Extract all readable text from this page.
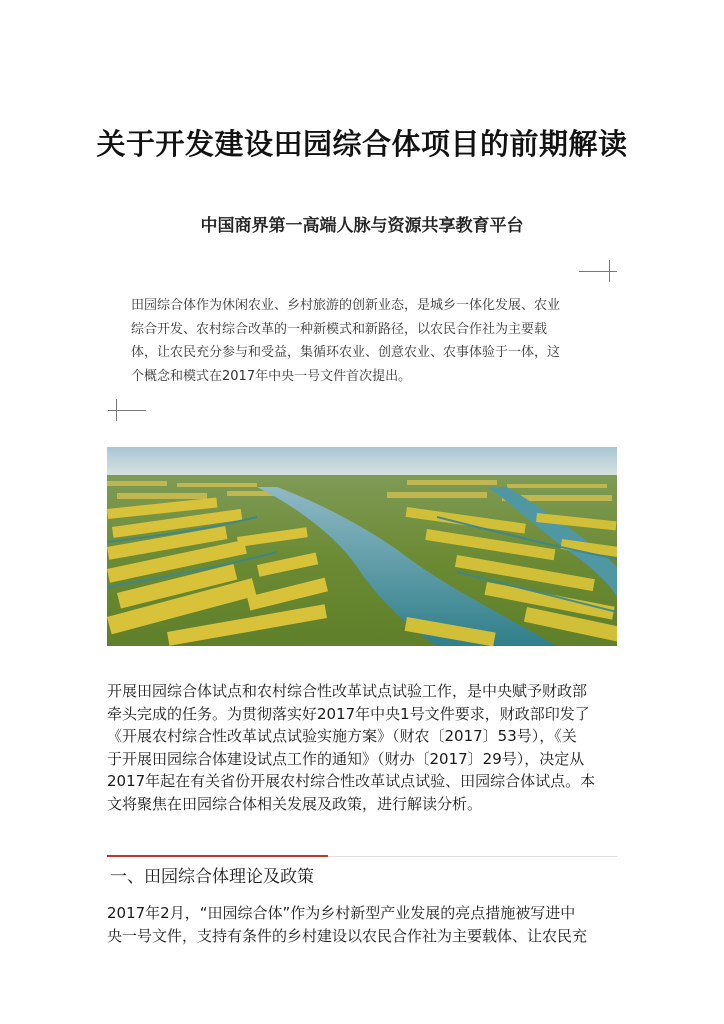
关于开发建设田园综合体项目的前期解读
中国商界第一高端人脉与资源共享教育平台

田园综合体作为休闲农业、乡村旅游的创新业态，是城乡一体化发展、农业

综合开发、农村综合改革的一种新模式和新路径，以农民合作社为主要载

体，让农民充分参与和受益，集循环农业、创意农业、农事体验于一体，这

个概念和模式在2017年中央一号文件首次提出。

开展田园综合体试点和农村综合性改革试点试验工作，是中央赋予财政部

牵头完成的任务。为贯彻落实好2017年中央1号文件要求，财政部印发了

《开展农村综合性改革试点试验实施方案》（财农〔2017〕53号），《关

于开展田园综合体建设试点工作的通知》（财办〔2017〕29号），决定从

2017年起在有关省份开展农村综合性改革试点试验、田园综合体试点。本

文将聚焦在田园综合体相关发展及政策，进行解读分析。

一、田园综合体理论及政策

2017年2月，“田园综合体”作为乡村新型产业发展的亮点措施被写进中

央一号文件，支持有条件的乡村建设以农民合作社为主要载体、让农民充
